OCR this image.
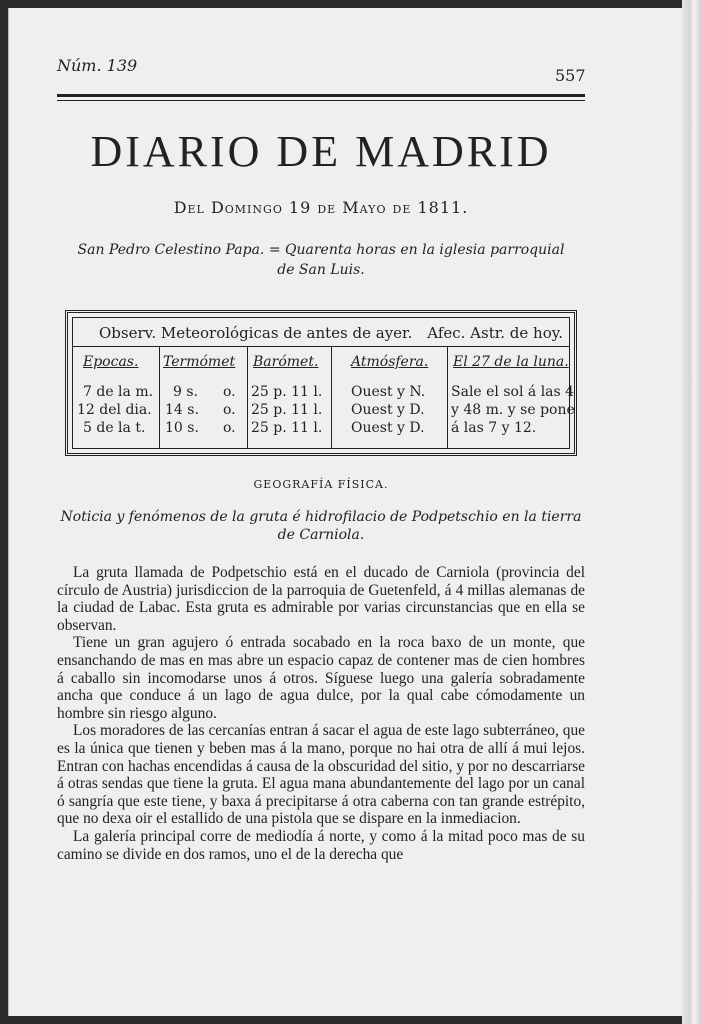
Núm. 139
557
DIARIO DE MADRID
Del Domingo 19 de Mayo de 1811.
San Pedro Celestino Papa. = Quarenta horas en la iglesia parroquial de San Luis.
Observ. Meteorológicas de antes de ayer. Afec. Astr. de hoy.
Epocas.
7 de la m.
12 del dia.
5 de la t.
Termómet
9 s. o.
14 s. o.
10 s. o.
Barómet.
25 p. 11 l.
25 p. 11 l.
25 p. 11 l.
Atmósfera.
Ouest y N.
Ouest y D.
Ouest y D.
El 27 de la luna.
Sale el sol á las 4
y 48 m. y se pone
á las 7 y 12.
GEOGRAFÍA FÍSICA.
Noticia y fenómenos de la gruta é hidrofilacio de Podpetschio en la tierra de Carniola.

La gruta llamada de Podpetschio está en el ducado de Carniola (provincia del círculo de Austria) jurisdiccion de la parroquia de Guetenfeld, á 4 millas alemanas de la ciudad de Labac. Esta gruta es admirable por varias circunstancias que en ella se observan.

Tiene un gran agujero ó entrada socabado en la roca baxo de un monte, que ensanchando de mas en mas abre un espacio capaz de contener mas de cien hombres á caballo sin incomodarse unos á otros. Síguese luego una galería sobradamente ancha que conduce á un lago de agua dulce, por la qual cabe cómodamente un hombre sin riesgo alguno.

Los moradores de las cercanías entran á sacar el agua de este lago subterráneo, que es la única que tienen y beben mas á la mano, porque no hai otra de allí á mui lejos. Entran con hachas encendidas á causa de la obscuridad del sitio, y por no descarriarse á otras sendas que tiene la gruta. El agua mana abundantemente del lago por un canal ó sangría que este tiene, y baxa á precipitarse á otra caberna con tan grande estrépito, que no dexa oir el estallido de una pistola que se dispare en la inmediacion.

La galería principal corre de mediodía á norte, y como á la mitad poco mas de su camino se divide en dos ramos, uno el de la derecha que
